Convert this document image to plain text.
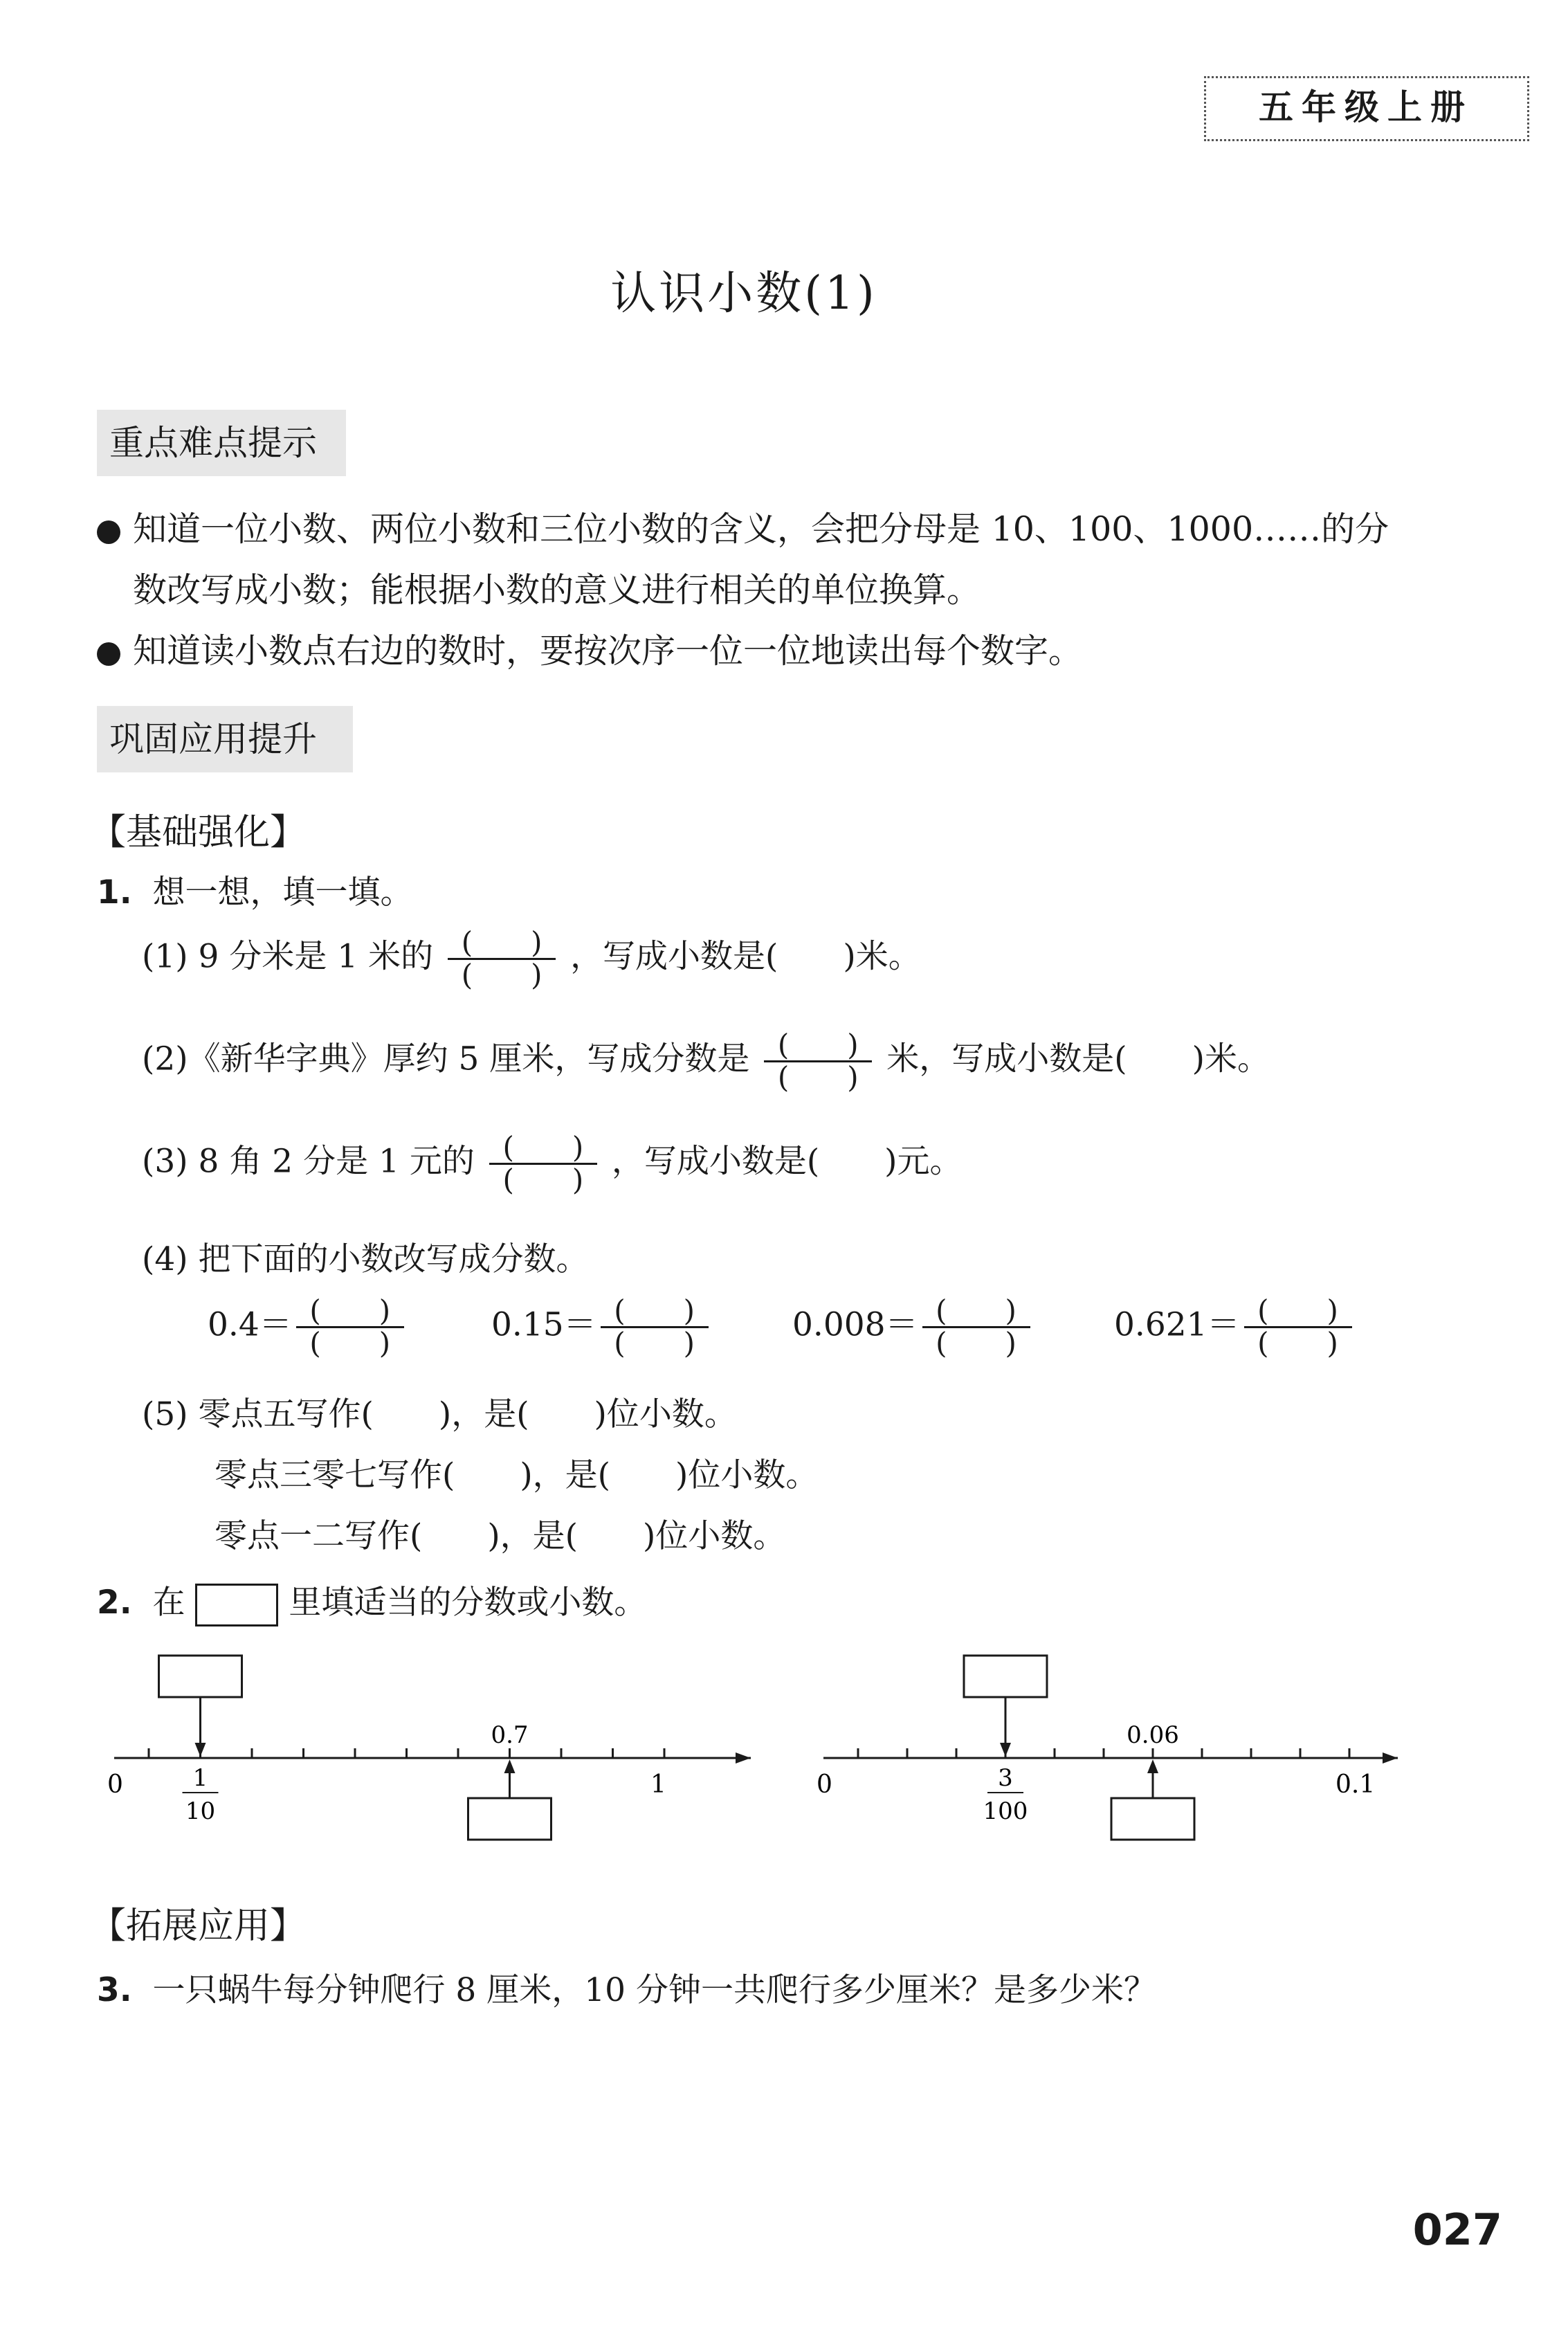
五年级上册
认识小数(1)
重点难点提示
知道一位小数、两位小数和三位小数的含义，会把分母是 10、100、1000……的分
数改写成小数；能根据小数的意义进行相关的单位换算。
知道读小数点右边的数时，要按次序一位一位地读出每个数字。
巩固应用提升
【基础强化】
1. 想一想，填一填。
(1) 9 分米是 1 米的 $\frac{( )}{( )}$ ，写成小数是(　　)米。
(2)《新华字典》厚约 5 厘米，写成分数是 $\frac{( )}{( )}$ 米，写成小数是(　　)米。
(3) 8 角 2 分是 1 元的 $\frac{( )}{( )}$ ，写成小数是(　　)元。
(4) 把下面的小数改写成分数。
$0.4= \frac{( )}{( )}$	$0.15= \frac{( )}{( )}$	$0.008= \frac{( )}{( )}$	$0.621= \frac{( )}{( )}$
(5) 零点五写作(　　)，是(　　)位小数。
零点三零七写作(　　)，是(　　)位小数。
零点一二写作(　　)，是(　　)位小数。
2. 在	里填适当的分数或小数。
0	1
1
10
0.7
0	0.1
3
100
0.06
【拓展应用】
3. 一只蜗牛每分钟爬行 8 厘米，10 分钟一共爬行多少厘米？是多少米？
027
